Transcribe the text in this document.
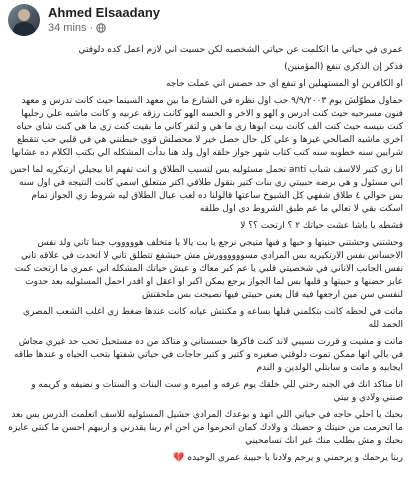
Ahmed Elsaadany
34 mins ·

عمري في حياتي ما اتكلمت عن حياتي الشخصيه لكن حسيت اني لازم اعمل كده دلوقتي

فذكر إن الذكري تنفع (المؤمنين)

او الكافرين او المستهبلين او تنفع اي حد حصس اني عملت حاجه

حماول مطوّلش يوم ٩/٩/٢٠٠٣ حب اول نظره في الشارع ما بين معهد السينما حيث كانت تدرس و معهد فنون مسرحيه حيث كنت ادرس و الهو و الاخر و الحسه الهو كانت رزقه عربيه و كانت ماشيه علي رجليها كنت بنيسه حيث كنت الف كانت بيت ابوها زي ما هي و لتقر كاني ما بقيت كنت زي ما هي كنت شاي حياه اخري ماشيه الصالحي غيرها و علي كل حال حصل خير لا محصلش قوي خبطتني هي في قلبي حب تتقطع شرايين سنه خطوبه سنه كتب كتاب شهر جواز حلقه اول ولد هنا بدأت المشكله الي بكتب الكلام ده عشانها

انا زي كتير لالاسف شباب anti تحمل مسئوليه بس لتسبب الطلاق و انت تفهم انا بيجيلي ارتيكريه لما احس اني مسئول و هي برضه حبيبتي زي بنات كتير بتقول طلاقي اكتر مبتعلق اسمي كانت النتيجه في اول سنه بس حوالي ٤ طلاق شفهي كل الشيوخ ساعتها قالولنا ده لعب عيال الطلاق ليه شروط زي الجواز تمام اسكت بقي لا تعالي ما عم طبق الشروط دي اول طلقه

قشطه يا باشا عشت حياتك ٢ ؟ ارتحت ؟؟ لا

وحشتني وحشتني حنيتها و حبها و فبها متيجي نرجع يا بت يالا يا متخلف هوووووب جبنا تاني ولد نفس الاحساس نفس الارتكيريه بس المرادي مسوووووورش مش حيشفع تتطلق تاني لا اتحدت في علاقه تاني نفس الجانب الاناني في شخصيتي قلبي يا عم كبر معاك و عيش حياتك المشكله اني عمري ما ارتحت كنت عايز حضنها و حبيتها و قلبها بس لما الجواز يرجع يمكن اكبر او اعقل او اقدر احمل المسئوليه بعد حدوت لنفسي سن مين ارجعها فيه قال يعني حبيتي فيها نصيحت بس ملحقتش

ماتت في لحظه كانت بتكلمني قبلها بساعه و مكنتش عيانه كانت عندها ضغط زي اغلب الشعب المصري الحمد لله

ماتت و مشيت و قررت نسيبي لاند كنت فاكرها حسستاني و متاكد من ده مستحيل تحب حد غيري مجاش في بالي انها ممكن تموت دلوقتي صغيره و كتير و كتير حاجات في حياتي شفتها بتحب الحياه و عندها طاقه ايجابيه و ماتت و سابتلي الولدين و الندم

انا متاكد انك في الجنه رحتي للي خلقك يوم عرفه و امبره و ست البنات و الستات و نضيفه و كريمه و صنتي ولادي و بيتي

بحبك يا احلي حاجه في حياتي اللي اتهد و بوعدك المرادي حشيل المسئوليه للاسف اتعلمت الدرس بس بعد ما اتحرمت من حنيتك و حضنك و ولادك كمان اتحرموا من احن ام ربنا يقدرني و اربيهم احسن ما كنتي عايزه بحبك و مش بطلب منك غير انك تسامحيني

ربنا يرحمك و يرحمني و يرحم ولادنا يا حبيبة عمري الوحيده 💔
